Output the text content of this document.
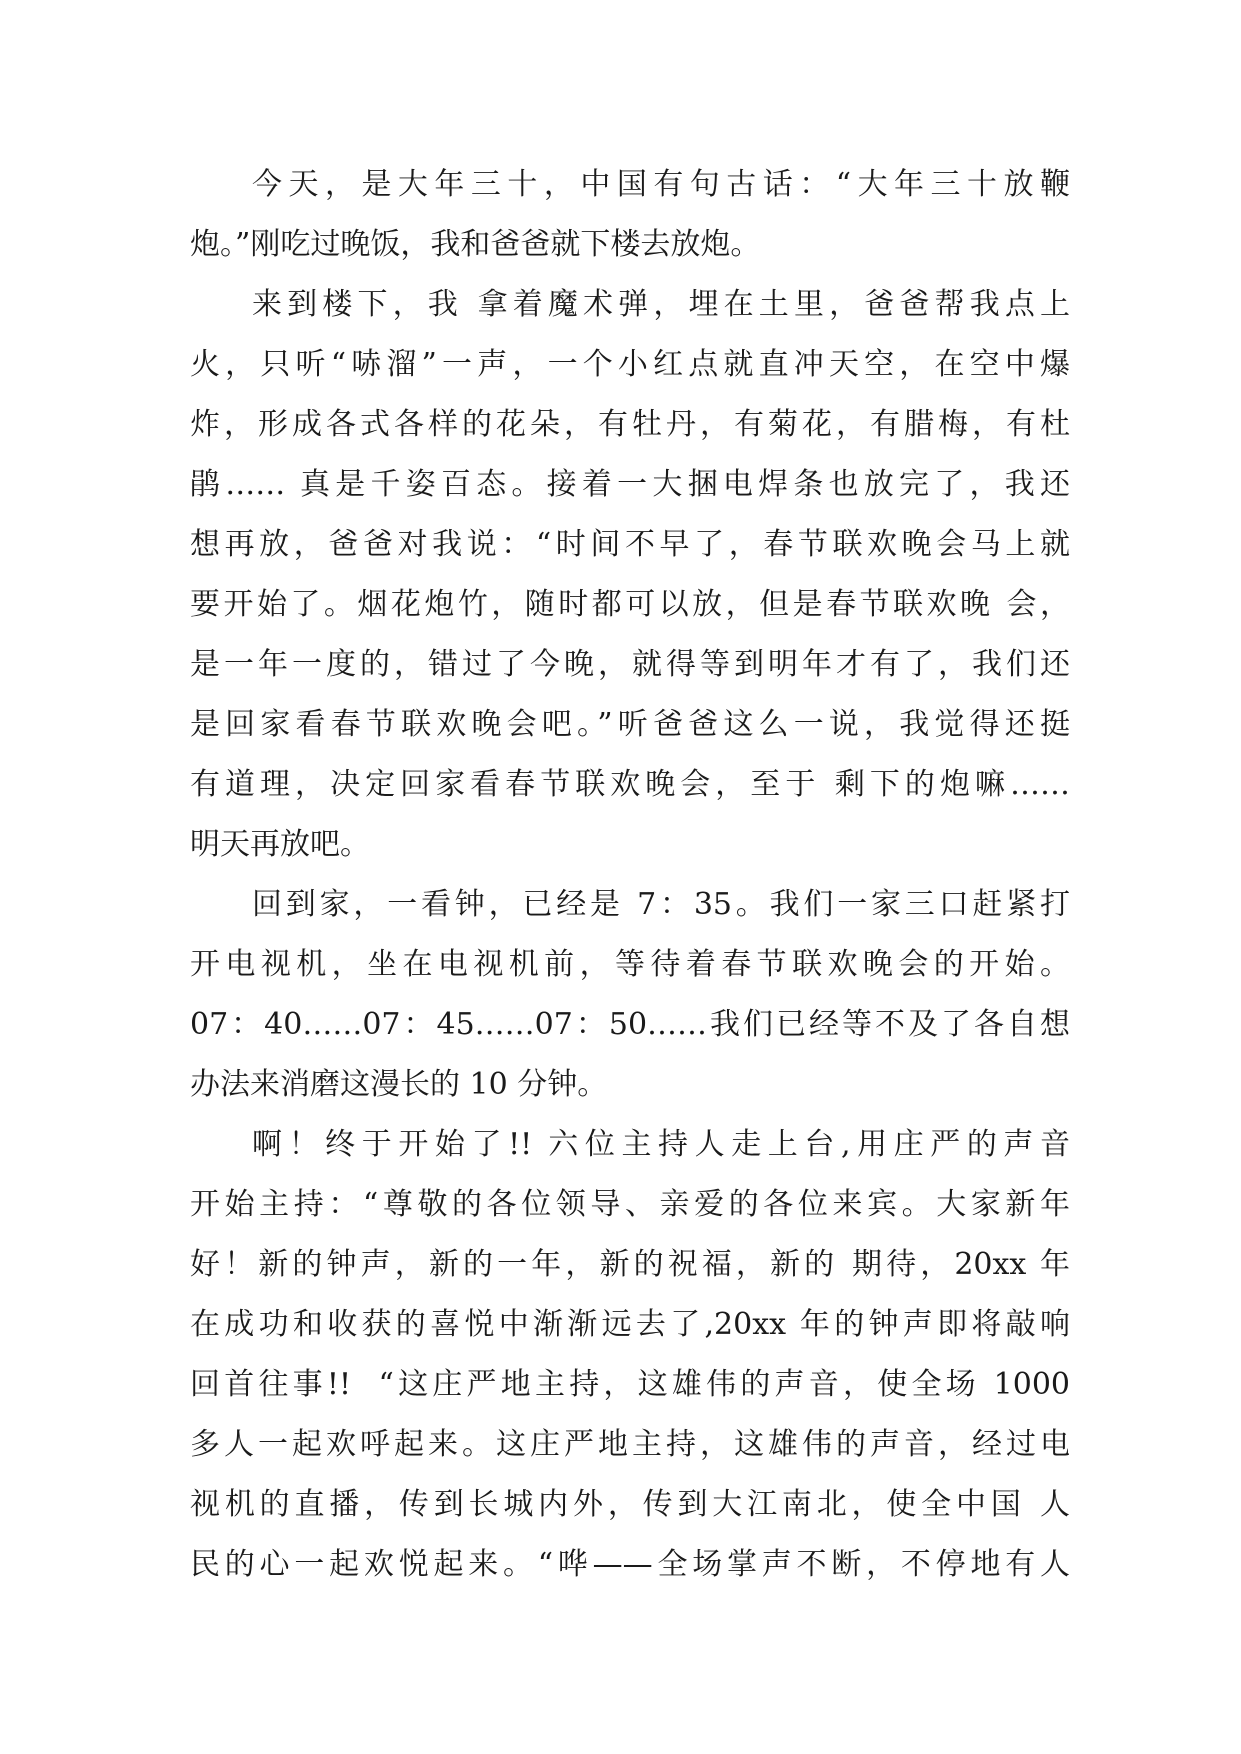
今天，是大年三十，中国有句古话：“大年三十放鞭
炮。”刚吃过晚饭，我和爸爸就下楼去放炮。
来到楼下，我 拿着魔术弹，埋在土里，爸爸帮我点上
火，只听“哧溜”一声，一个小红点就直冲天空，在空中爆
炸，形成各式各样的花朵，有牡丹，有菊花，有腊梅，有杜
鹃…… 真是千姿百态。接着一大捆电焊条也放完了，我还
想再放，爸爸对我说：“时间不早了，春节联欢晚会马上就
要开始了。烟花炮竹，随时都可以放，但是春节联欢晚 会，
是一年一度的，错过了今晚，就得等到明年才有了，我们还
是回家看春节联欢晚会吧。”听爸爸这么一说，我觉得还挺
有道理，决定回家看春节联欢晚会，至于 剩下的炮嘛……
明天再放吧。
回到家，一看钟，已经是 7：35。我们一家三口赶紧打
开电视机，坐在电视机前，等待着春节联欢晚会的开始。
07：40……07：45……07：50……我们已经等不及了各自想
办法来消磨这漫长的 10 分钟。
啊！终于开始了!! 六位主持人走上台,用庄严的声音
开始主持：“尊敬的各位领导、亲爱的各位来宾。大家新年
好！新的钟声，新的一年，新的祝福，新的 期待，20xx 年
在成功和收获的喜悦中渐渐远去了,20xx 年的钟声即将敲响
回首往事!!  “这庄严地主持，这雄伟的声音，使全场 1000
多人一起欢呼起来。这庄严地主持，这雄伟的声音，经过电
视机的直播，传到长城内外，传到大江南北，使全中国 人
民的心一起欢悦起来。“哗——全场掌声不断，不停地有人
